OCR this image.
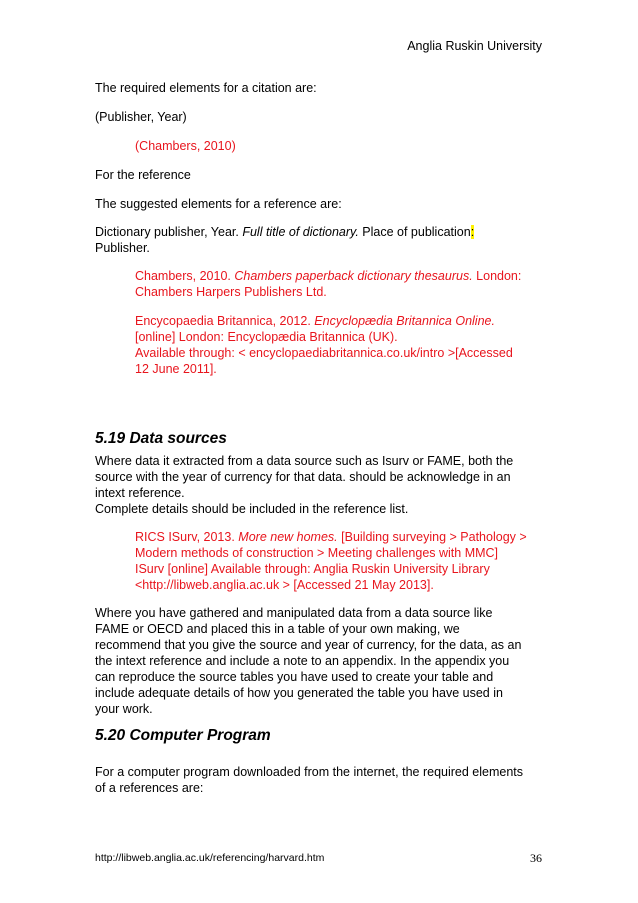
Anglia Ruskin University
The required elements for a citation are:
(Publisher, Year)
(Chambers, 2010)
For the reference
The suggested elements for a reference are:
Dictionary publisher, Year. Full title of dictionary. Place of publication:
Publisher.
Chambers, 2010. Chambers paperback dictionary thesaurus. London:
Chambers Harpers Publishers Ltd.
Encycopaedia Britannica, 2012. Encyclopædia Britannica Online.
[online] London: Encyclopædia Britannica (UK).
Available through: < encyclopaediabritannica.co.uk/intro >[Accessed
12 June 2011].
5.19 Data sources
Where data it extracted from a data source such as Isurv or FAME, both the
source with the year of currency for that data. should be acknowledge in an
intext reference.
Complete details should be included in the reference list.
RICS ISurv, 2013. More new homes. [Building surveying > Pathology >
Modern methods of construction > Meeting challenges with MMC]
ISurv [online] Available through: Anglia Ruskin University Library
<http://libweb.anglia.ac.uk > [Accessed 21 May 2013].
Where you have gathered and manipulated data from a data source like
FAME or OECD and placed this in a table of your own making, we
recommend that you give the source and year of currency, for the data, as an
the intext reference and include a note to an appendix. In the appendix you
can reproduce the source tables you have used to create your table and
include adequate details of how you generated the table you have used in
your work.
5.20 Computer Program
For a computer program downloaded from the internet, the required elements
of a references are:
http://libweb.anglia.ac.uk/referencing/harvard.htm	36
